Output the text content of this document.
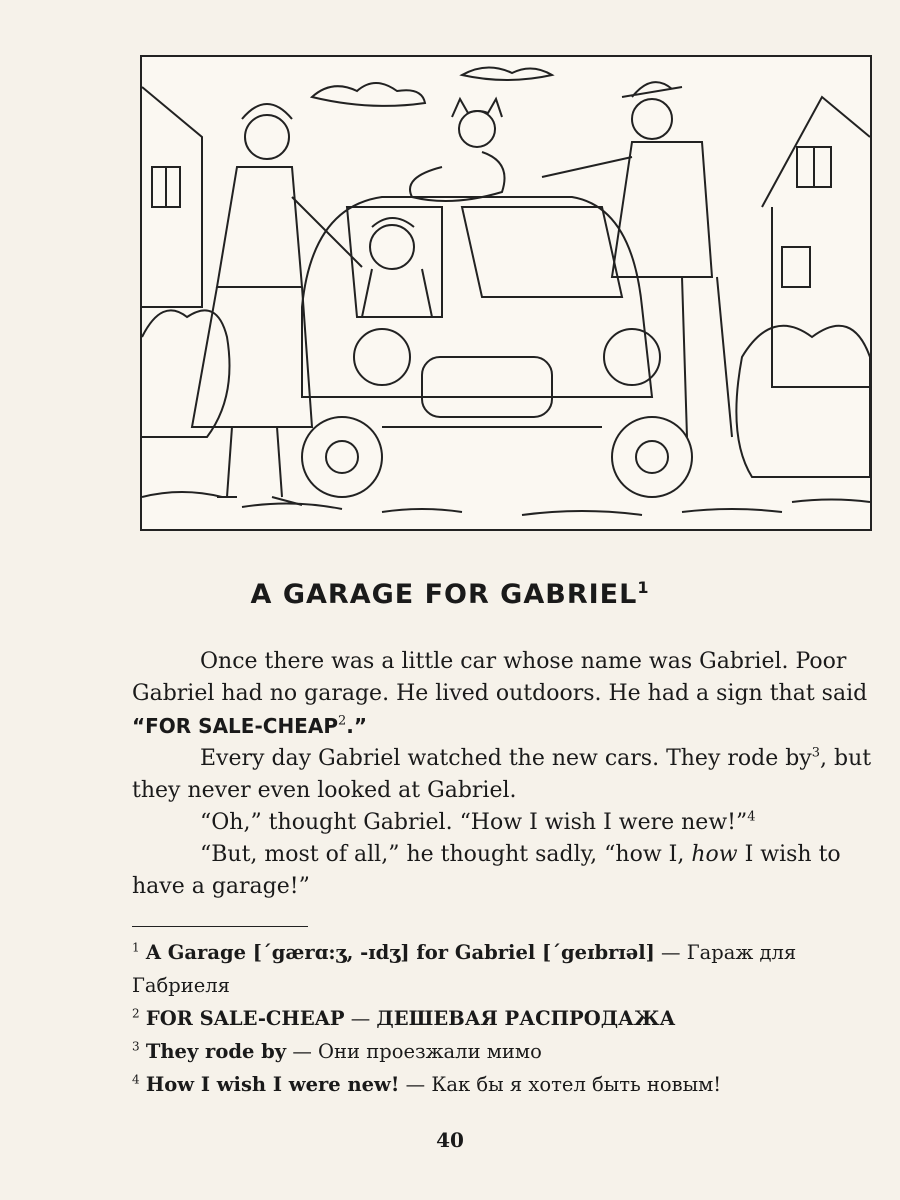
A GARAGE FOR GABRIEL$^1$

Once there was a little car whose name was Gabriel. Poor Gabriel had no garage. He lived outdoors. He had a sign that said “FOR SALE-CHEAP$^2$.”

Every day Gabriel watched the new cars. They rode $by^3$, but they never even looked at Gabriel.

“Oh,” thought Gabriel. “How I wish I were new!”$^4$

“But, most of all,” he thought sadly, “how I, how I wish to have a garage!”

$^1$ A Garage [ˊgærɑ:ʒ, -ɪdʒ] for Gabriel [ˊgeɪbrɪəl] — Гараж для Габриеля
$^2$ FOR SALE-CHEAP — ДЕШЕВАЯ РАСПРОДАЖА
$^3$ They rode by — Они проезжали мимо
$^4$ How I wish I were new! — Как бы я хотел быть новым!
40
